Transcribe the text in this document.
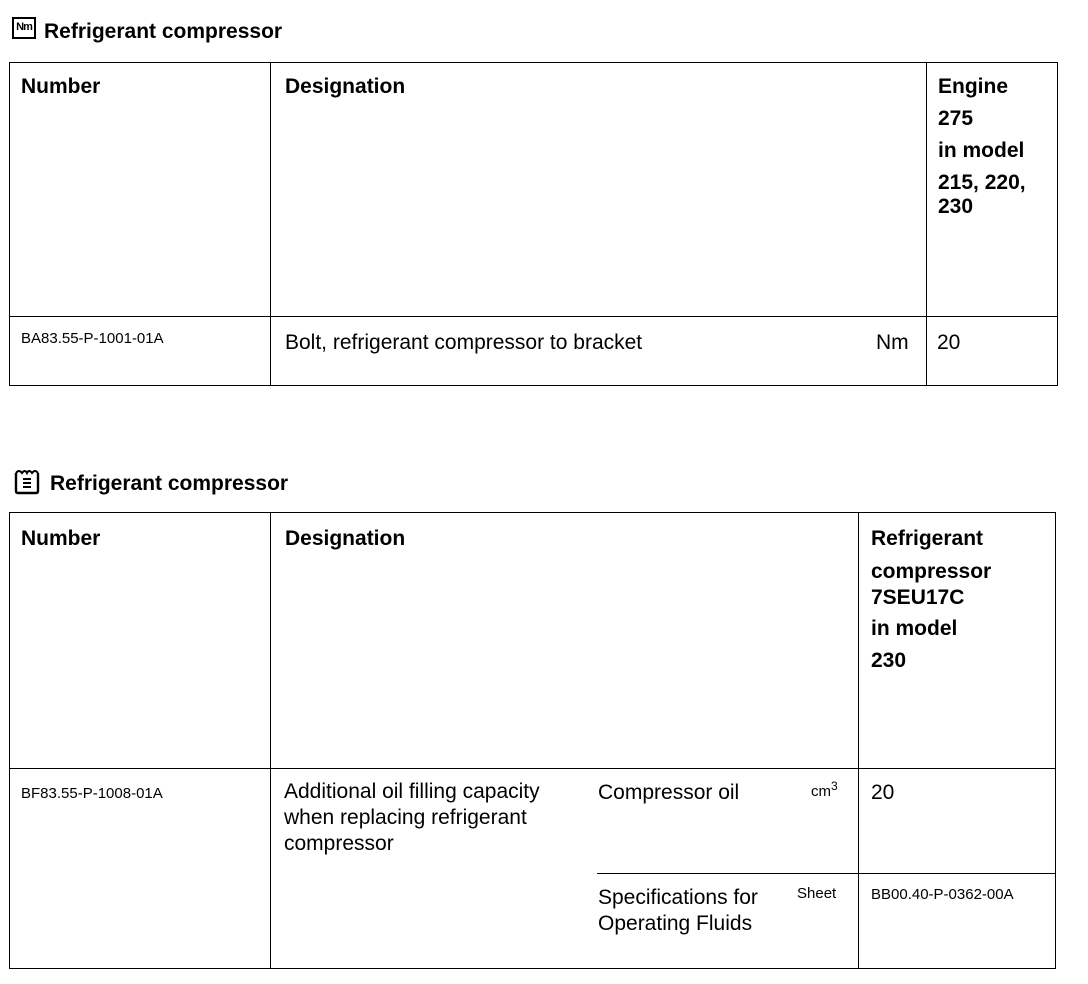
Nm Refrigerant compressor
Number	Designation	Engine
275
in model
215, 220,
230
BA83.55-P-1001-01A	Bolt, refrigerant compressor to bracket	Nm 20
Refrigerant compressor
Number	Designation	Refrigerant
compressor
7SEU17C
in model
230
BF83.55-P-1008-01A	Additional oil filling capacity
when replacing refrigerant
compressor
Compressor oil	$cm^3$ 20
Specifications for
Operating Fluids
Sheet BB00.40-P-0362-00A
